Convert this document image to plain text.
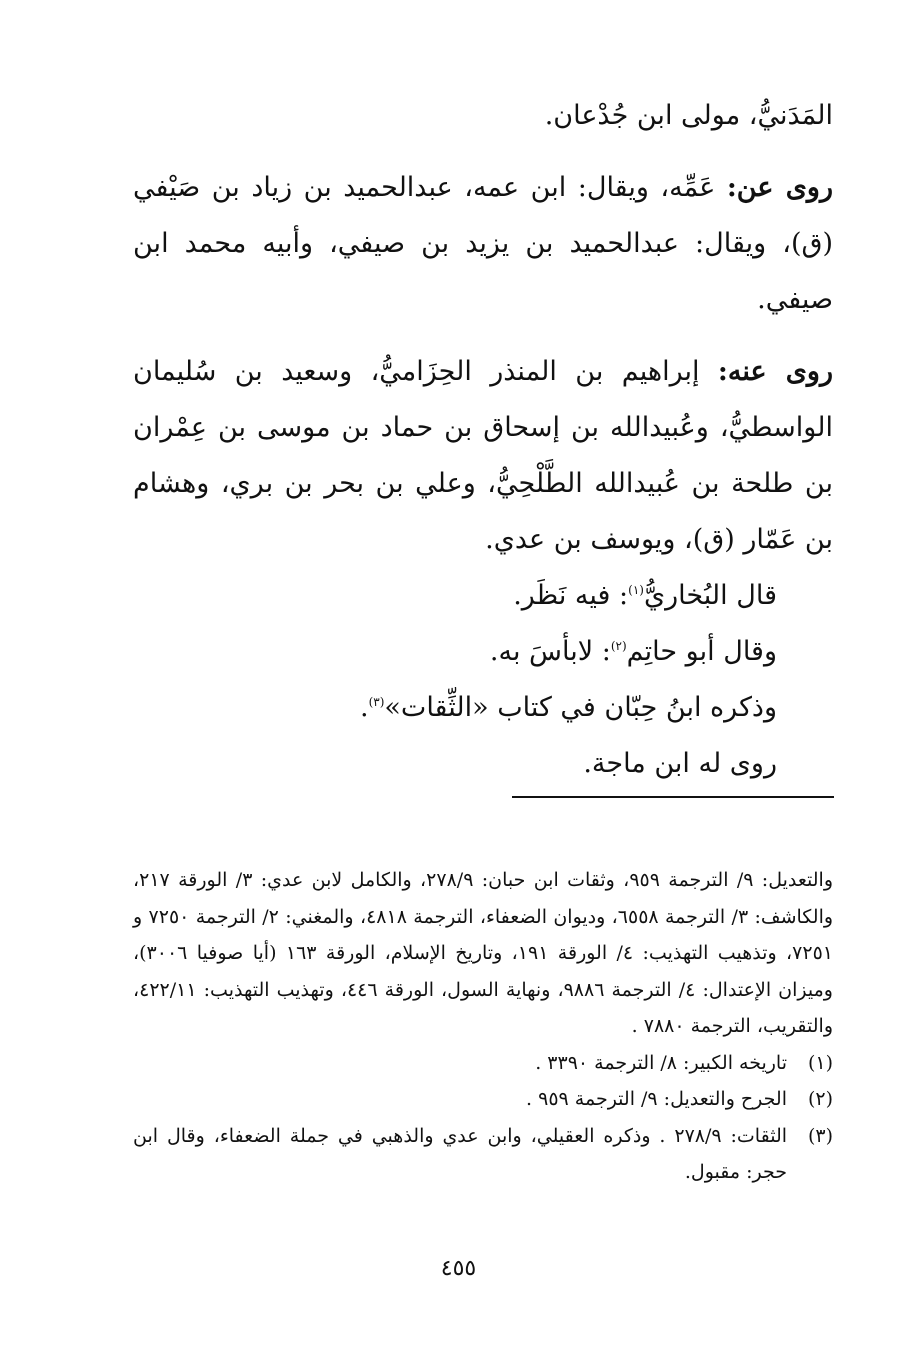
المَدَنيُّ، مولى ابن جُدْعان.

روى عن: عَمِّه، ويقال: ابن عمه، عبدالحميد بن زياد بن صَيْفي (ق)، ويقال: عبدالحميد بن يزيد بن صيفي، وأبيه محمد ابن صيفي.

روى عنه: إبراهيم بن المنذر الحِزَاميُّ، وسعيد بن سُليمان الواسطيُّ، وعُبيدالله بن إسحاق بن حماد بن موسى بن عِمْران بن طلحة بن عُبيدالله الطَّلْحِيُّ، وعلي بن بحر بن بري، وهشام بن عَمّار (ق)، ويوسف بن عدي.

قال البُخاريُّ$^{(١)}$: فيه نَظَر.

وقال أبو حاتِم$^{(٢)}$: لابأسَ به.

وذكره ابنُ حِبّان في كتاب «الثِّقات»$^{(٣)}$.

روى له ابن ماجة.

والتعديل: ٩/ الترجمة ٩٥٩، وثقات ابن حبان: ٢٧٨/٩، والكامل لابن عدي: ٣/ الورقة ٢١٧، والكاشف: ٣/ الترجمة ٦٥٥٨، وديوان الضعفاء، الترجمة ٤٨١٨، والمغني: ٢/ الترجمة ٧٢٥٠ و ٧٢٥١، وتذهيب التهذيب: ٤/ الورقة ١٩١، وتاريخ الإسلام، الورقة ١٦٣ (أيا صوفيا ٣٠٠٦)، وميزان الإعتدال: ٤/ الترجمة ٩٨٨٦، ونهاية السول، الورقة ٤٤٦، وتهذيب التهذيب: ٤٢٢/١١، والتقريب، الترجمة ٧٨٨٠ .

(١)
تاريخه الكبير: ٨/ الترجمة ٣٣٩٠ .
(٢)
الجرح والتعديل: ٩/ الترجمة ٩٥٩ .
(٣)
الثقات: ٢٧٨/٩ . وذكره العقيلي، وابن عدي والذهبي في جملة الضعفاء، وقال ابن حجر: مقبول.
٤٥٥
